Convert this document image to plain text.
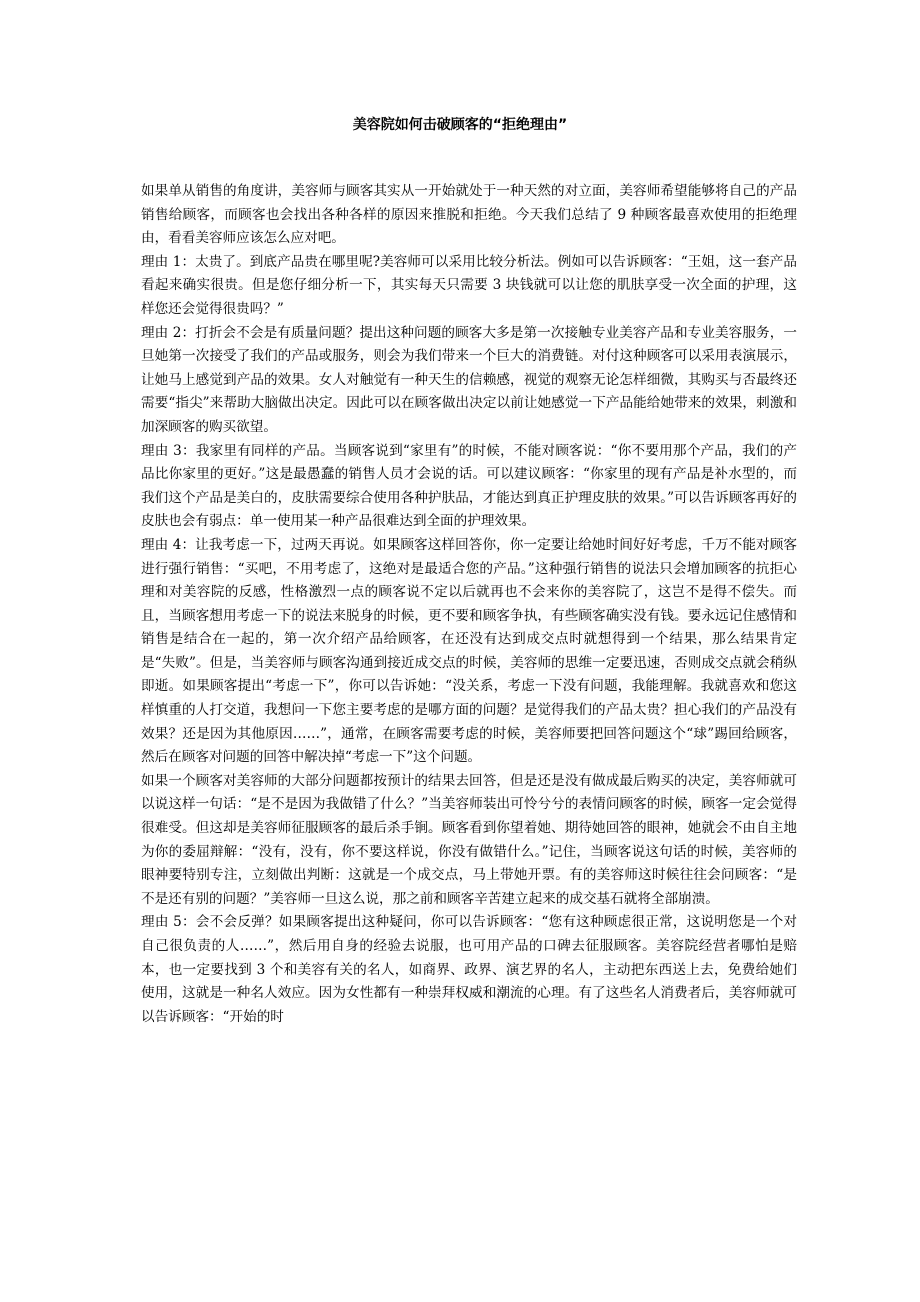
美容院如何击破顾客的“拒绝理由”

如果单从销售的角度讲，美容师与顾客其实从一开始就处于一种天然的对立面，美容师希望能够将自己的产品销售给顾客，而顾客也会找出各种各样的原因来推脱和拒绝。今天我们总结了 9 种顾客最喜欢使用的拒绝理由，看看美容师应该怎么应对吧。

理由 1：太贵了。到底产品贵在哪里呢?美容师可以采用比较分析法。例如可以告诉顾客：“王姐，这一套产品看起来确实很贵。但是您仔细分析一下，其实每天只需要 3 块钱就可以让您的肌肤享受一次全面的护理，这样您还会觉得很贵吗？”

理由 2：打折会不会是有质量问题？提出这种问题的顾客大多是第一次接触专业美容产品和专业美容服务，一旦她第一次接受了我们的产品或服务，则会为我们带来一个巨大的消费链。对付这种顾客可以采用表演展示，让她马上感觉到产品的效果。女人对触觉有一种天生的信赖感，视觉的观察无论怎样细微，其购买与否最终还需要“指尖”来帮助大脑做出决定。因此可以在顾客做出决定以前让她感觉一下产品能给她带来的效果，刺激和加深顾客的购买欲望。

理由 3：我家里有同样的产品。当顾客说到“家里有”的时候，不能对顾客说：“你不要用那个产品，我们的产品比你家里的更好。”这是最愚蠢的销售人员才会说的话。可以建议顾客：“你家里的现有产品是补水型的，而我们这个产品是美白的，皮肤需要综合使用各种护肤品，才能达到真正护理皮肤的效果。”可以告诉顾客再好的皮肤也会有弱点：单一使用某一种产品很难达到全面的护理效果。

理由 4：让我考虑一下，过两天再说。如果顾客这样回答你，你一定要让给她时间好好考虑，千万不能对顾客进行强行销售：“买吧，不用考虑了，这绝对是最适合您的产品。”这种强行销售的说法只会增加顾客的抗拒心理和对美容院的反感，性格激烈一点的顾客说不定以后就再也不会来你的美容院了，这岂不是得不偿失。而且，当顾客想用考虑一下的说法来脱身的时候，更不要和顾客争执，有些顾客确实没有钱。要永远记住感情和销售是结合在一起的，第一次介绍产品给顾客，在还没有达到成交点时就想得到一个结果，那么结果肯定是“失败”。但是，当美容师与顾客沟通到接近成交点的时候，美容师的思维一定要迅速，否则成交点就会稍纵即逝。如果顾客提出“考虑一下”，你可以告诉她：“没关系，考虑一下没有问题，我能理解。我就喜欢和您这样慎重的人打交道，我想问一下您主要考虑的是哪方面的问题？是觉得我们的产品太贵？担心我们的产品没有效果？还是因为其他原因……”，通常，在顾客需要考虑的时候，美容师要把回答问题这个“球”踢回给顾客，然后在顾客对问题的回答中解决掉“考虑一下”这个问题。

如果一个顾客对美容师的大部分问题都按预计的结果去回答，但是还是没有做成最后购买的决定，美容师就可以说这样一句话：“是不是因为我做错了什么？”当美容师装出可怜兮兮的表情问顾客的时候，顾客一定会觉得很难受。但这却是美容师征服顾客的最后杀手锏。顾客看到你望着她、期待她回答的眼神，她就会不由自主地为你的委屈辩解：“没有，没有，你不要这样说，你没有做错什么。”记住，当顾客说这句话的时候，美容师的眼神要特别专注，立刻做出判断：这就是一个成交点，马上带她开票。有的美容师这时候往往会问顾客：“是不是还有别的问题？”美容师一旦这么说，那之前和顾客辛苦建立起来的成交基石就将全部崩溃。

理由 5：会不会反弹？如果顾客提出这种疑问，你可以告诉顾客：“您有这种顾虑很正常，这说明您是一个对自己很负责的人……”，然后用自身的经验去说服，也可用产品的口碑去征服顾客。美容院经营者哪怕是赔本，也一定要找到 3 个和美容有关的名人，如商界、政界、演艺界的名人，主动把东西送上去，免费给她们使用，这就是一种名人效应。因为女性都有一种崇拜权威和潮流的心理。有了这些名人消费者后，美容师就可以告诉顾客：“开始的时
